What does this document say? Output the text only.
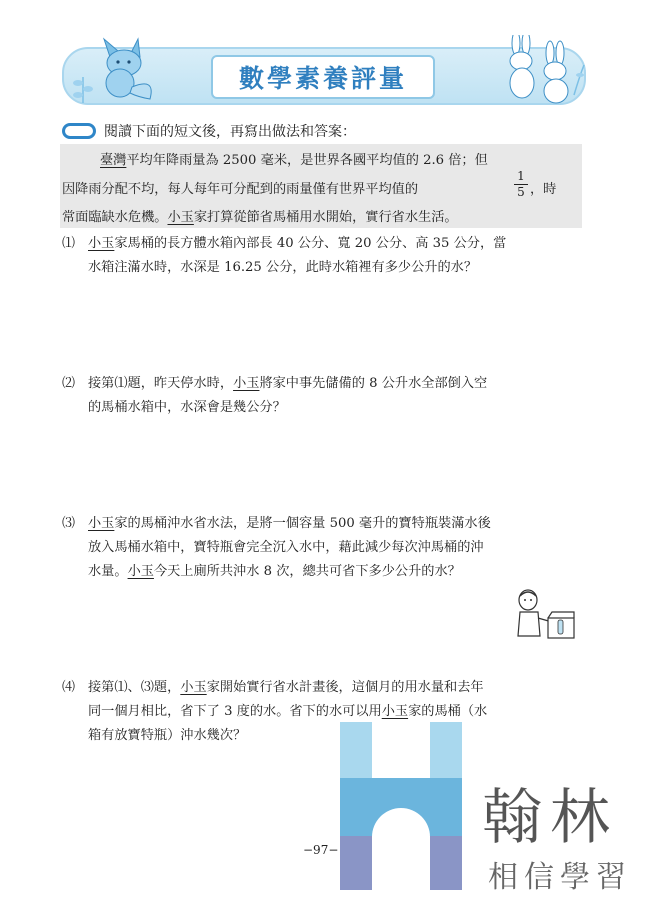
數學素養評量
閱讀下面的短文後，再寫出做法和答案：
臺灣平均年降雨量為 2500 毫米，是世界各國平均值的 2.6 倍；但
因降雨分配不均，每人每年可分配到的雨量僅有世界平均值的
1
5 ，時
常面臨缺水危機。小玉家打算從節省馬桶用水開始，實行省水生活。
⑴ 小玉家馬桶的長方體水箱內部長 40 公分、寬 20 公分、高 35 公分，當
水箱注滿水時，水深是 16.25 公分，此時水箱裡有多少公升的水？
⑵ 接第⑴題，昨天停水時，小玉將家中事先儲備的 8 公升水全部倒入空
的馬桶水箱中，水深會是幾公分？
⑶ 小玉家的馬桶沖水省水法，是將一個容量 500 毫升的寶特瓶裝滿水後
放入馬桶水箱中，寶特瓶會完全沉入水中，藉此減少每次沖馬桶的沖
水量。小玉今天上廁所共沖水 8 次，總共可省下多少公升的水？
⑷ 接第⑴、⑶題，小玉家開始實行省水計畫後，這個月的用水量和去年
同一個月相比，省下了 3 度的水。省下的水可以用小玉家的馬桶（水
箱有放寶特瓶）沖水幾次？
翰林
相信學習
−97−
